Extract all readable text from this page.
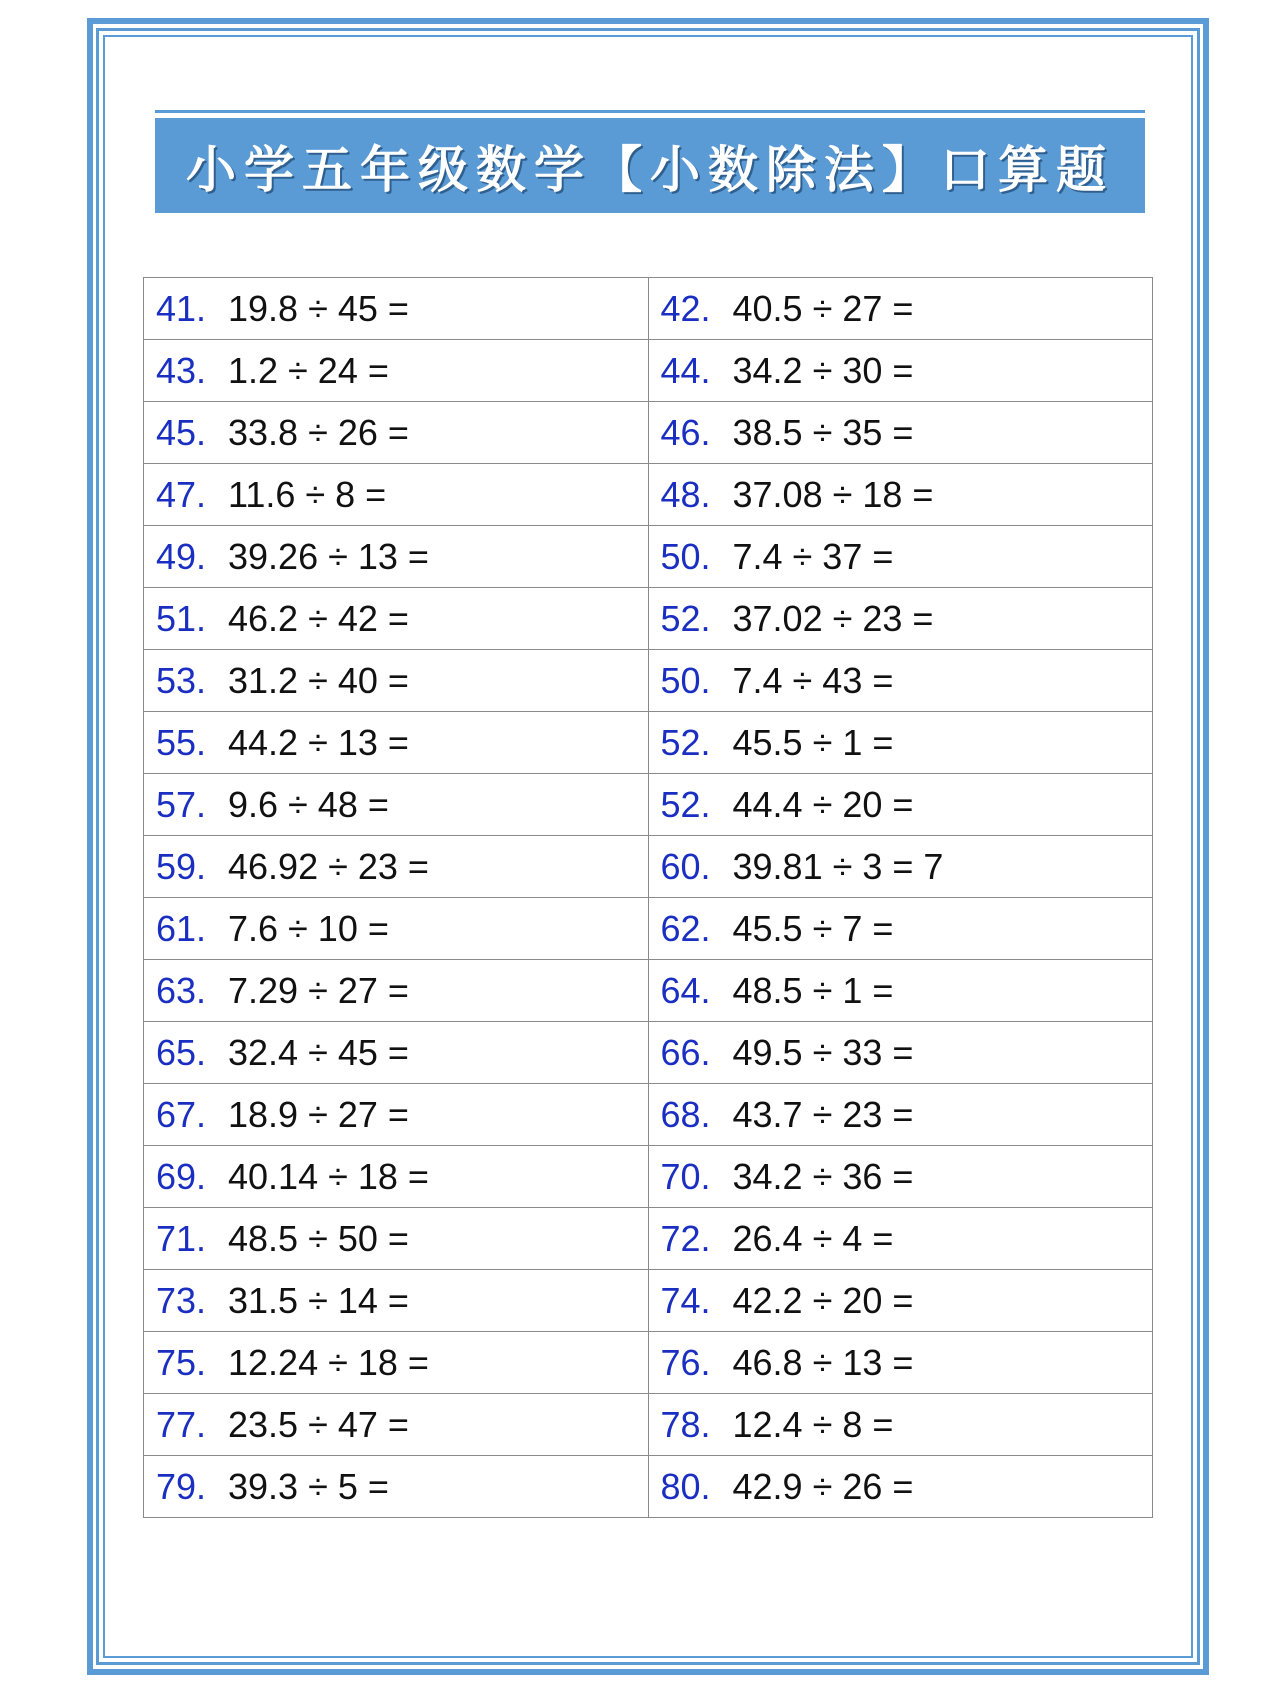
小学五年级数学【小数除法】口算题
41. 19.8 ÷ 45 =	42. 40.5 ÷ 27 =
43. 1.2 ÷ 24 =	44. 34.2 ÷ 30 =
45. 33.8 ÷ 26 =	46. 38.5 ÷ 35 =
47. 11.6 ÷ 8 =	48. 37.08 ÷ 18 =
49. 39.26 ÷ 13 =	50. 7.4 ÷ 37 =
51. 46.2 ÷ 42 =	52. 37.02 ÷ 23 =
53. 31.2 ÷ 40 =	50. 7.4 ÷ 43 =
55. 44.2 ÷ 13 =	52. 45.5 ÷ 1 =
57. 9.6 ÷ 48 =	52. 44.4 ÷ 20 =
59. 46.92 ÷ 23 =	60. 39.81 ÷ 3 = 7
61. 7.6 ÷ 10 =	62. 45.5 ÷ 7 =
63. 7.29 ÷ 27 =	64. 48.5 ÷ 1 =
65. 32.4 ÷ 45 =	66. 49.5 ÷ 33 =
67. 18.9 ÷ 27 =	68. 43.7 ÷ 23 =
69. 40.14 ÷ 18 =	70. 34.2 ÷ 36 =
71. 48.5 ÷ 50 =	72. 26.4 ÷ 4 =
73. 31.5 ÷ 14 =	74. 42.2 ÷ 20 =
75. 12.24 ÷ 18 =	76. 46.8 ÷ 13 =
77. 23.5 ÷ 47 =	78. 12.4 ÷ 8 =
79. 39.3 ÷ 5 =	80. 42.9 ÷ 26 =
